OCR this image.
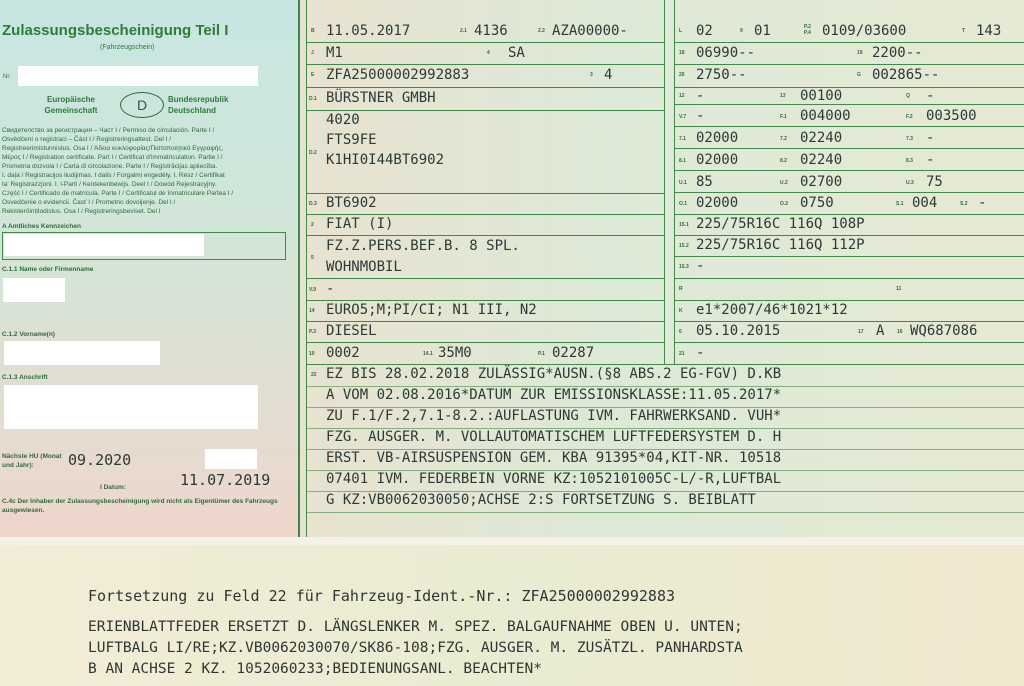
Zulassungsbescheinigung Teil I
(Fahrzeugschein)
Nr.
Europäische Gemeinschaft	D	Bundesrepublik Deutschland
Свидетелство за регистрация – Част I / Permiso de circulación. Parte I /
Osvědčení o registraci – Část I / Registreringsattest. Del I /
Registreerimistunnistus. Osa I / Άδεια κυκλοφορίας/Πιστοποιητικό Εγγραφής,
Μέρος I / Registration certificate. Part I / Certificat d'immatriculation. Partie I /
Prometna dozvola I / Carta di circolazione. Parte I / Registrācijas apliecība.
I. daļa / Registracijos liudijimas. I dalis / Forgalmi engedély. I. Rész / Certifikat
ta' Registrazzjoni. I. l-Parti / Kentekenbewijs. Deel I / Dowód Rejestracyjny.
Część I / Certificado de matrícula. Parte I / Certificatul de înmatriculare Partea I /
Osvedčenie o evidencii. Časť I / Prometno dovoljenje. Del I /
Rekisteröintitodistus. Osa I / Registreringsbeviset. Del I
A Amtliches Kennzeichen
C.1.1 Name oder Firmenname
C.1.2 Vorname(n)
C.1.3 Anschrift
Nächste HU (Monat und Jahr):	09.2020
I Datum:	11.07.2019
C.4c Der Inhaber der Zulassungsbescheinigung wird nicht als Eigentümer des Fahrzeugs ausgewiesen.
B 11.05.2017	2.1 4136	2.2 AZA00000-
J M1	4 SA
E ZFA25000002992883	3 4
D.1 BÜRSTNER GMBH
D.2
4020
FTS9FE
K1HI0I44BT6902
D.3 BT6902
2 FIAT (I)
5
FZ.Z.PERS.BEF.B. 8 SPL.
WOHNMOBIL
V.9 -
14 EURO5;M;PI/CI; N1 III, N2
P.3 DIESEL
10 0002	14.1 35M0	P.1 02287
L 02	9 01	P.2 P.4 0109/03600	T 143
18 06990--	19 2200--
20 2750--	G 002865--
12 -	13 00100	Q -
V.7 -	F.1 004000	F.2 003500
7.1 02000	7.2 02240	7.3 -
8.1 02000	8.2 02240	8.3 -
U.1 85	U.2 02700	U.3 75
O.1 02000	O.2 0750	S.1 004	S.2 -
15.1 225/75R16C 116Q 108P
15.2 225/75R16C 116Q 112P
15.3 -
R	11
K e1*2007/46*1021*12
6 05.10.2015	17 A	16 WQ687086
21 -
22 EZ BIS 28.02.2018 ZULÄSSIG*AUSN.(§8 ABS.2 EG-FGV) D.KB
A VOM 02.08.2016*DATUM ZUR EMISSIONSKLASSE:11.05.2017*
ZU F.1/F.2,7.1-8.2.:AUFLASTUNG IVM. FAHRWERKSAND. VUH*
FZG. AUSGER. M. VOLLAUTOMATISCHEM LUFTFEDERSYSTEM D. H
ERST. VB-AIRSUSPENSION GEM. KBA 91395*04,KIT-NR. 10518
07401 IVM. FEDERBEIN VORNE KZ:1052101005C-L/-R,LUFTBAL
G KZ:VB0062030050;ACHSE 2:S FORTSETZUNG S. BEIBLATT
Fortsetzung zu Feld 22 für Fahrzeug-Ident.-Nr.: ZFA25000002992883
ERIENBLATTFEDER ERSETZT D. LÄNGSLENKER M. SPEZ. BALGAUFNAHME OBEN U. UNTEN;
LUFTBALG LI/RE;KZ.VB0062030070/SK86-108;FZG. AUSGER. M. ZUSÄTZL. PANHARDSTA
B AN ACHSE 2 KZ. 1052060233;BEDIENUNGSANL. BEACHTEN*
